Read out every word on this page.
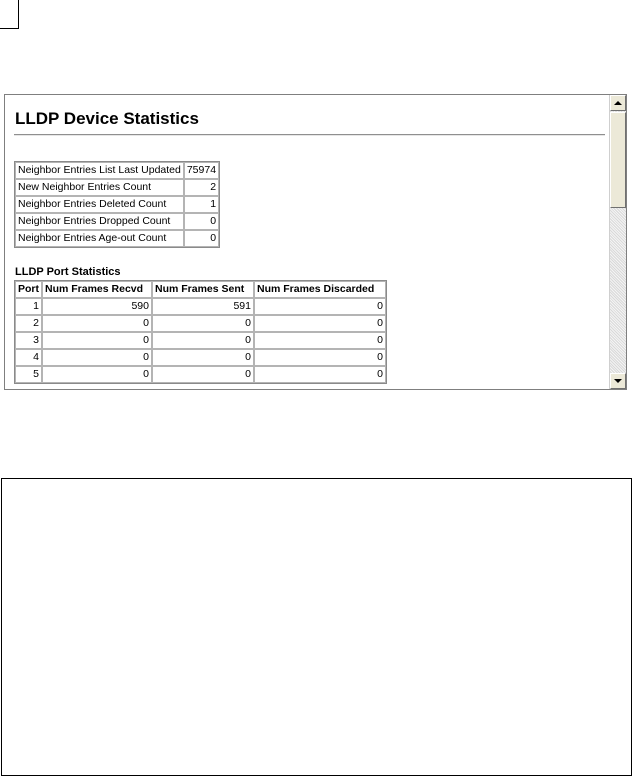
LLDP Device Statistics
Neighbor Entries List Last Updated	75974
New Neighbor Entries Count	2
Neighbor Entries Deleted Count	1
Neighbor Entries Dropped Count	0
Neighbor Entries Age-out Count	0
LLDP Port Statistics
Port	Num Frames Recvd	Num Frames Sent	Num Frames Discarded
1	590	591	0
2	0	0	0
3	0	0	0
4	0	0	0
5	0	0	0
